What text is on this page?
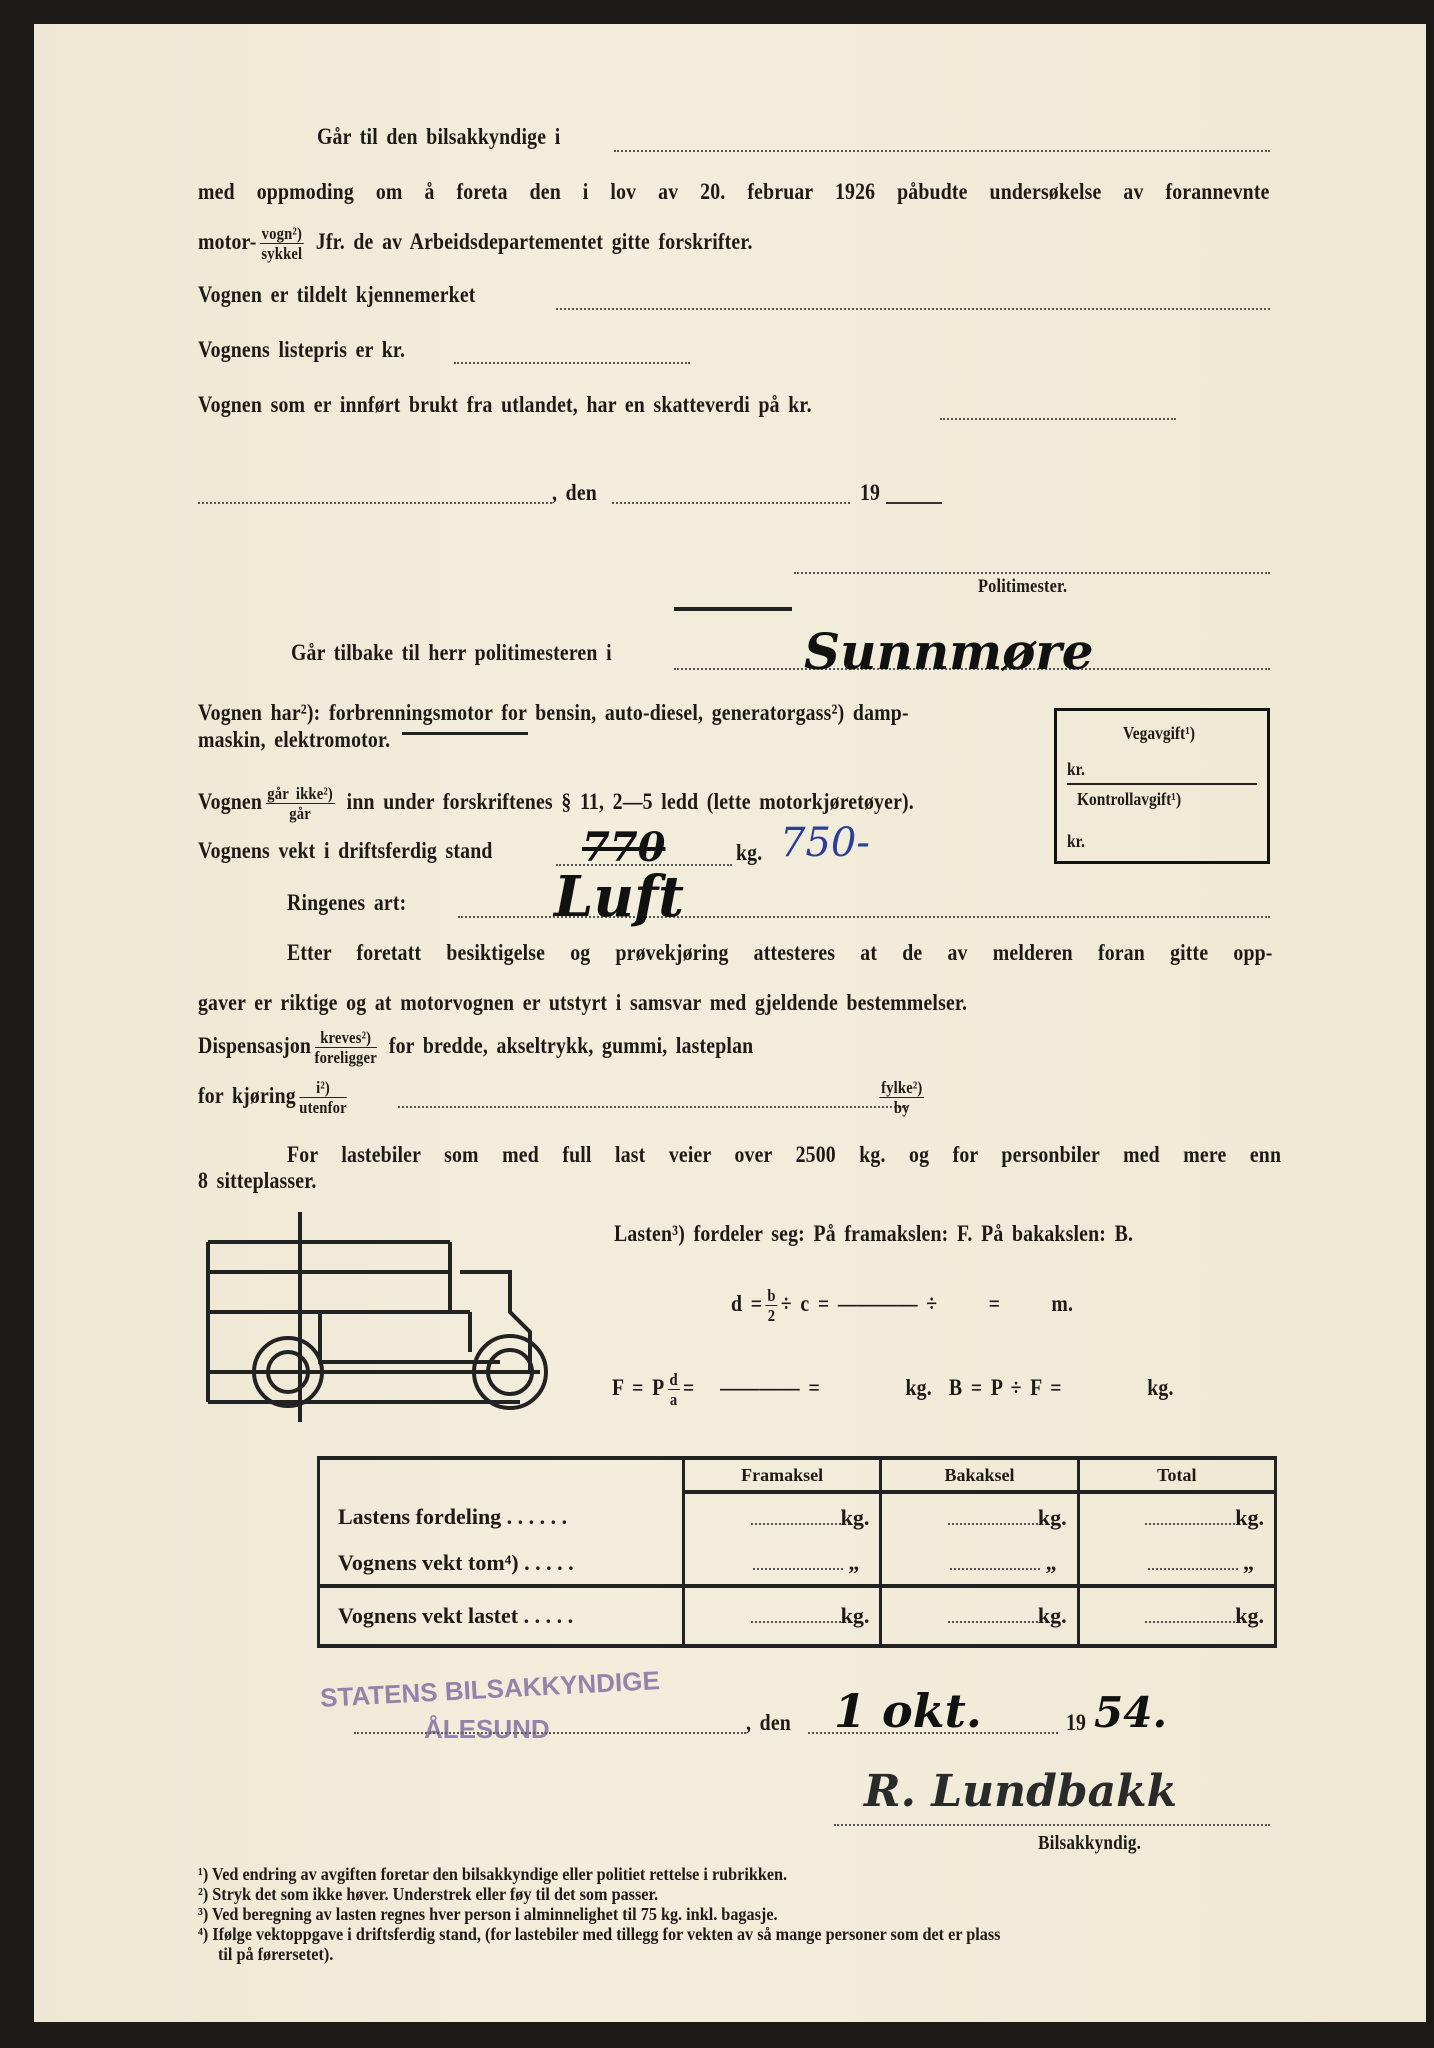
Går til den bilsakkyndige i
med oppmoding om å foreta den i lov av 20. februar 1926 påbudte undersøkelse av forannevnte
motor- $\frac{\text{vogn²)}}{\text{sykkel}}$ Jfr. de av Arbeidsdepartementet gitte forskrifter.
Vognen er tildelt kjennemerket
Vognens listepris er kr.
Vognen som er innført brukt fra utlandet, har en skatteverdi på kr.
, den	19
Politimester.
Går tilbake til herr politimesteren i	Sunnmøre
Vognen har²): forbrenningsmotor for bensin, auto-diesel, generatorgass²) damp-
maskin, elektromotor.	Vegavgift¹)
kr.
Kontrollavgift¹)
kr.
Vognen $\frac{\text{går ikke²)}}{\text{går}}$ inn under forskriftenes § 11, 2—5 ledd (lette motorkjøretøyer).
Vognens vekt i driftsferdig stand 770	kg. 750-
Ringenes art:	Luft
Etter foretatt besiktigelse og prøvekjøring attesteres at de av melderen foran gitte opp-
gaver er riktige og at motorvognen er utstyrt i samsvar med gjeldende bestemmelser.
Dispensasjon $\frac{\text{kreves²)}}{\text{foreligger}}$ for bredde, akseltrykk, gummi, lasteplan
for kjøring $\frac{\text{i²)}}{\text{utenfor}}$	$\frac{\text{fylke²)}}{by}$
For lastebiler som med full last veier over 2500 kg. og for personbiler med mere enn
8 sitteplasser.
Lasten³) fordeler seg: På framakslen: F. På bakakslen: B.
$d = \frac{b}{2} \div c$ = ———— ÷      =      m.
F = P $\frac{d}{a}$ =   ———— =          kg.  B = P ÷ F =          kg.
	Framaksel	Bakaksel	Total
Lastens fordeling . . . . . .	kg.	kg.	kg.
Vognens vekt tom⁴) . . . . .	„	„	„
Vognens vekt lastet . . . . .	kg.	kg.	kg.
STATENS BILSAKKYNDIGE
ÅLESUND	, den 1 okt.	19 54.
R. Lundbakk
Bilsakkyndig.
¹) Ved endring av avgiften foretar den bilsakkyndige eller politiet rettelse i rubrikken.
²) Stryk det som ikke høver. Understrek eller føy til det som passer.
³) Ved beregning av lasten regnes hver person i alminnelighet til 75 kg. inkl. bagasje.
⁴) Ifølge vektoppgave i driftsferdig stand, (for lastebiler med tillegg for vekten av så mange personer som det er plass
til på førersetet).
